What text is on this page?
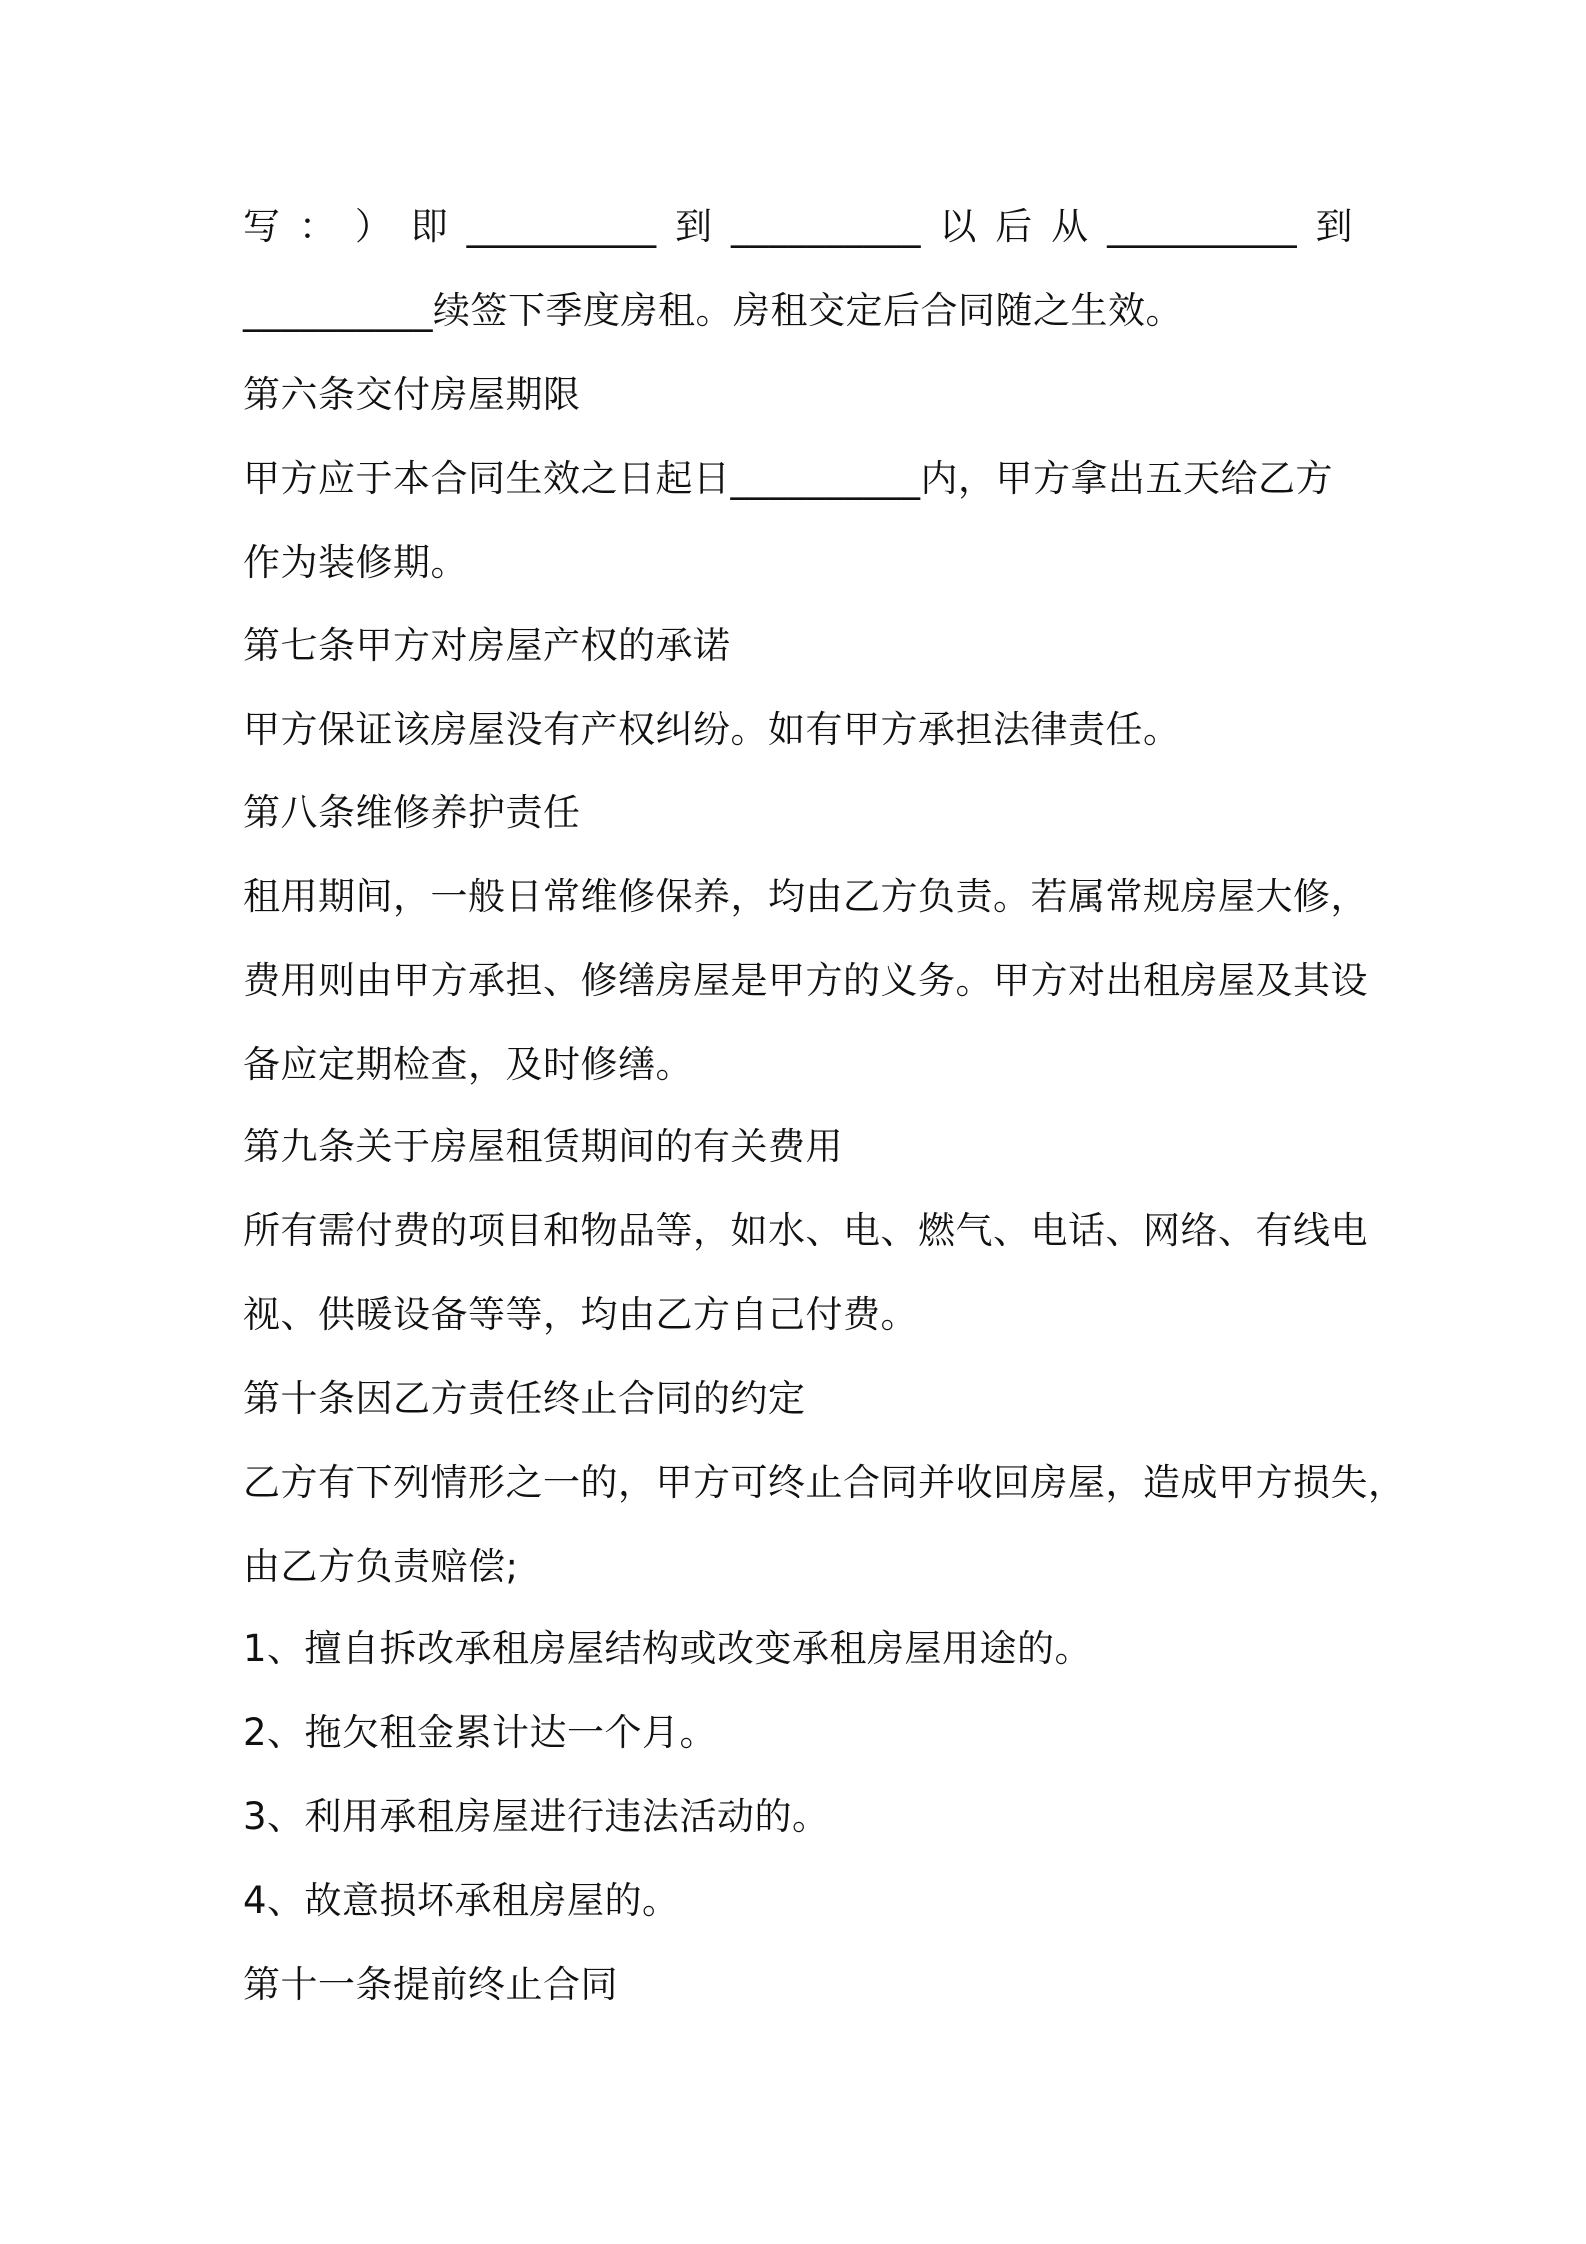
写 ： ） 即 __________ 到 __________ 以 后 从 __________ 到
__________续签下季度房租。房租交定后合同随之生效。
第六条交付房屋期限
甲方应于本合同生效之日起日__________内，甲方拿出五天给乙方
作为装修期。
第七条甲方对房屋产权的承诺
甲方保证该房屋没有产权纠纷。如有甲方承担法律责任。
第八条维修养护责任
租用期间，一般日常维修保养，均由乙方负责。若属常规房屋大修，
费用则由甲方承担、修缮房屋是甲方的义务。甲方对出租房屋及其设
备应定期检查，及时修缮。
第九条关于房屋租赁期间的有关费用
所有需付费的项目和物品等，如水、电、燃气、电话、网络、有线电
视、供暖设备等等，均由乙方自己付费。
第十条因乙方责任终止合同的约定
乙方有下列情形之一的，甲方可终止合同并收回房屋，造成甲方损失，
由乙方负责赔偿;
1、擅自拆改承租房屋结构或改变承租房屋用途的。
2、拖欠租金累计达一个月。
3、利用承租房屋进行违法活动的。
4、故意损坏承租房屋的。
第十一条提前终止合同
